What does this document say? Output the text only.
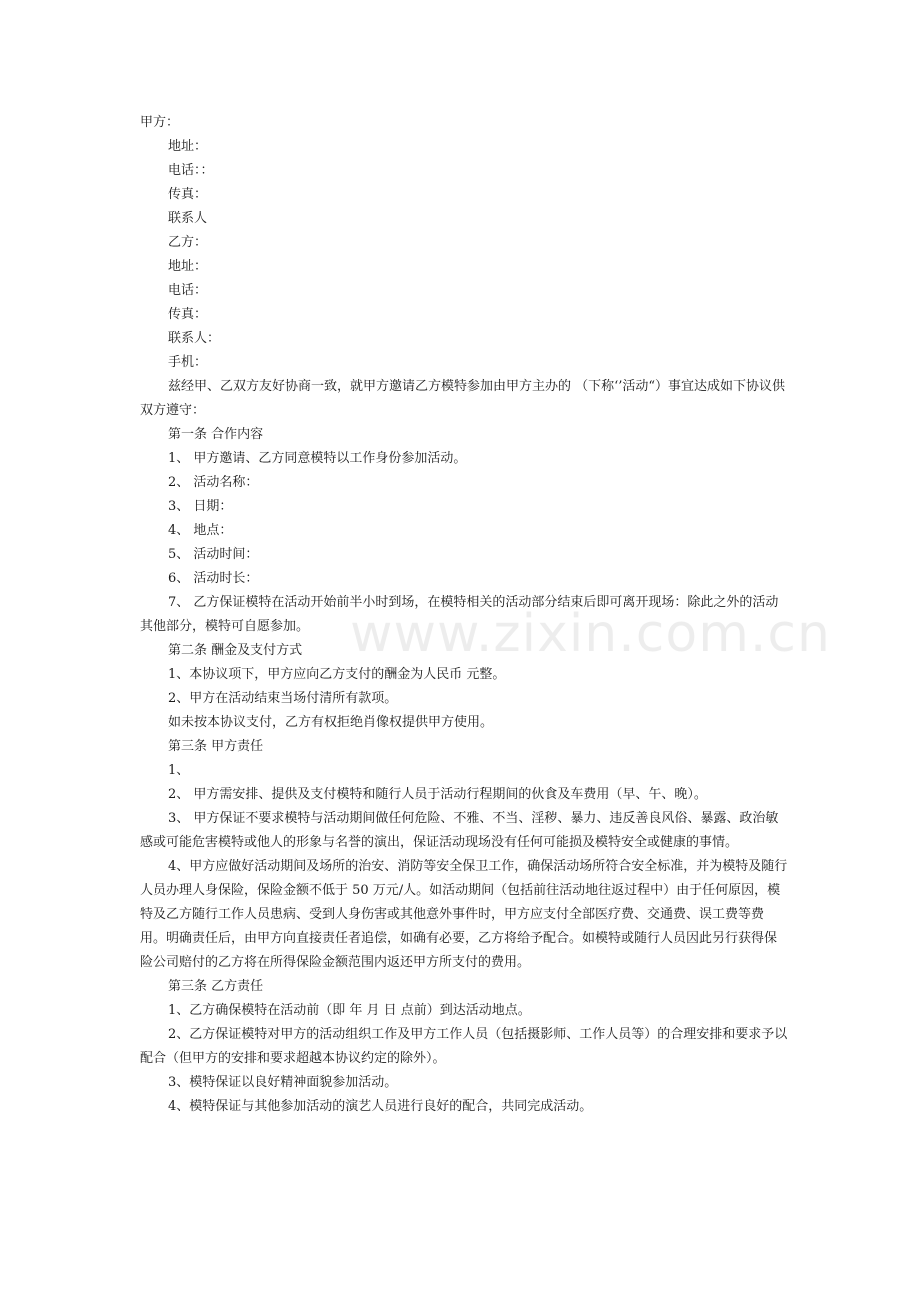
www.zixin.com.cn

甲方：

地址：

电话：：

传真：

联系人

乙方：

地址：

电话：

传真：

联系人：

手机：

兹经甲、乙双方友好协商一致，就甲方邀请乙方模特参加由甲方主办的 （下称‘’活动“）事宜达成如下协议供双方遵守：

第一条 合作内容

1、 甲方邀请、乙方同意模特以工作身份参加活动。

2、 活动名称：

3、 日期：

4、 地点：

5、 活动时间：

6、 活动时长：

7、 乙方保证模特在活动开始前半小时到场，在模特相关的活动部分结束后即可离开现场：除此之外的活动其他部分，模特可自愿参加。

第二条 酬金及支付方式

1、本协议项下，甲方应向乙方支付的酬金为人民币 元整。

2、甲方在活动结束当场付清所有款项。

如未按本协议支付，乙方有权拒绝肖像权提供甲方使用。

第三条 甲方责任

1、

2、 甲方需安排、提供及支付模特和随行人员于活动行程期间的伙食及车费用（早、午、晚）。

3、 甲方保证不要求模特与活动期间做任何危险、不雅、不当、淫秽、暴力、违反善良风俗、暴露、政治敏感或可能危害模特或他人的形象与名誉的演出，保证活动现场没有任何可能损及模特安全或健康的事情。

4、甲方应做好活动期间及场所的治安、消防等安全保卫工作，确保活动场所符合安全标准，并为模特及随行人员办理人身保险，保险金额不低于 50 万元/人。如活动期间（包括前往活动地往返过程中）由于任何原因，模特及乙方随行工作人员患病、受到人身伤害或其他意外事件时，甲方应支付全部医疗费、交通费、误工费等费用。明确责任后，由甲方向直接责任者追偿，如确有必要，乙方将给予配合。如模特或随行人员因此另行获得保险公司赔付的乙方将在所得保险金额范围内返还甲方所支付的费用。

第三条 乙方责任

1、乙方确保模特在活动前（即 年 月 日 点前）到达活动地点。

2、乙方保证模特对甲方的活动组织工作及甲方工作人员（包括摄影师、工作人员等）的合理安排和要求予以配合（但甲方的安排和要求超越本协议约定的除外）。

3、模特保证以良好精神面貌参加活动。

4、模特保证与其他参加活动的演艺人员进行良好的配合，共同完成活动。
